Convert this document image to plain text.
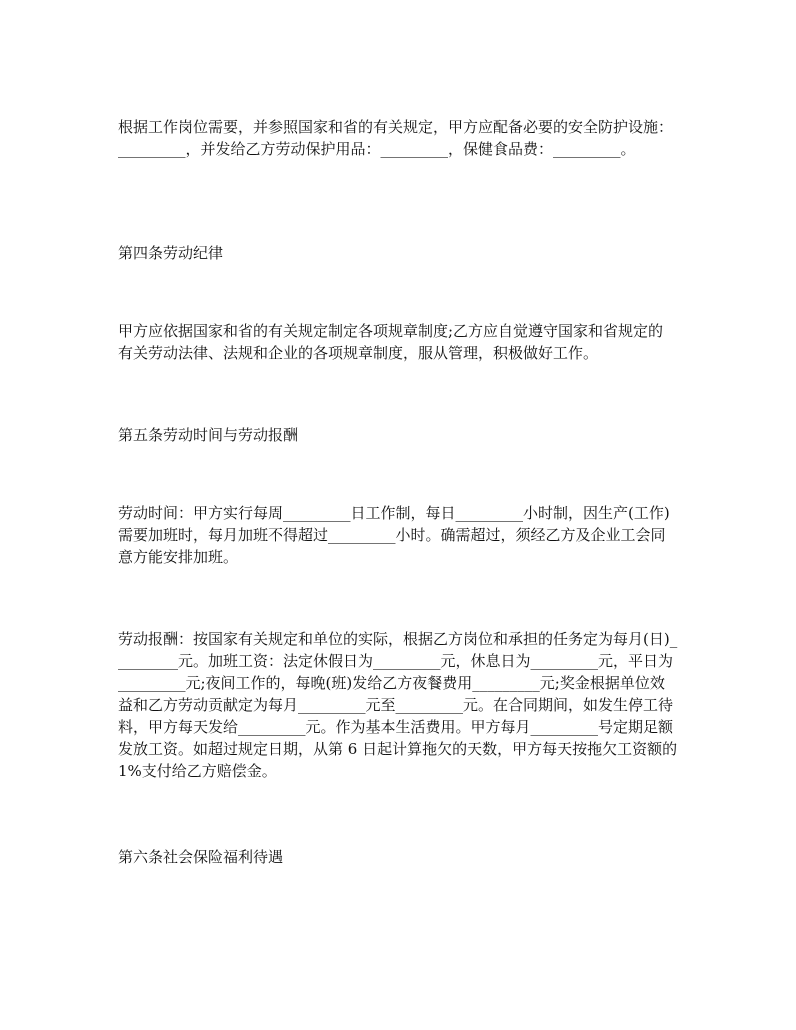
根据工作岗位需要，并参照国家和省的有关规定，甲方应配备必要的安全防护设施：_________，并发给乙方劳动保护用品：_________，保健食品费：_________。

第四条劳动纪律

甲方应依据国家和省的有关规定制定各项规章制度;乙方应自觉遵守国家和省规定的有关劳动法律、法规和企业的各项规章制度，服从管理，积极做好工作。

第五条劳动时间与劳动报酬

劳动时间：甲方实行每周_________日工作制，每日_________小时制，因生产(工作)需要加班时，每月加班不得超过_________小时。确需超过，须经乙方及企业工会同意方能安排加班。

劳动报酬：按国家有关规定和单位的实际，根据乙方岗位和承担的任务定为每月(日)_________元。加班工资：法定休假日为_________元，休息日为_________元，平日为_________元;夜间工作的，每晚(班)发给乙方夜餐费用_________元;奖金根据单位效益和乙方劳动贡献定为每月_________元至_________元。在合同期间，如发生停工待料，甲方每天发给_________元。作为基本生活费用。甲方每月_________号定期足额发放工资。如超过规定日期，从第 6 日起计算拖欠的天数，甲方每天按拖欠工资额的 1%支付给乙方赔偿金。

第六条社会保险福利待遇
